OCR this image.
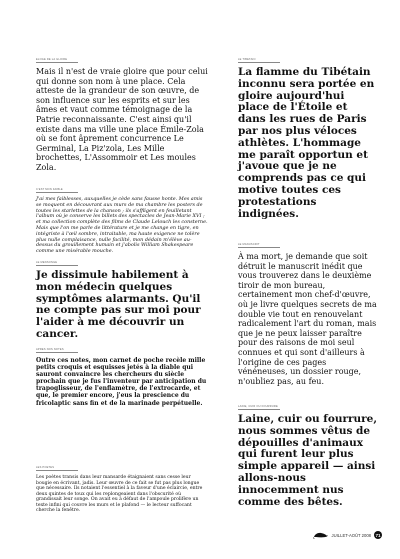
ÉLOGE DE LA GLOIRE

Mais il n'est de vraie gloire que pour celui qui donne son nom à une place. Cela atteste de la grandeur de son œuvre, de son influence sur les esprits et sur les âmes et vaut comme témoignage de la Patrie reconnaissante. C'est ainsi qu'il existe dans ma ville une place Émile-Zola où se font âprement concurrence Le Germinal, La Piz'zola, Les Mille brochettes, L'Assommoir et Les moules Zola.

C'EST MON FAIBLE

J'ai mes faiblesses, auxquelles je cède sans fausse honte. Mes amis se moquent en découvrant aux murs de ma chambre les posters de toutes les starlettes de la chanson ; ils s'affligent en feuilletant l'album où je conserve les billets des spectacles de Jean-Marie XVI ; et ma collection complète des films de Claude Lelouch les consterne. Mais que l'on me parle de littérature et je me change en tigre, en intégriste à l'œil sombre, intraitable, ma haute exigence ne tolère plus nulle complaisance, nulle facilité, mon dédain m'élève au-dessus du grouillement humain et j'abolis William Shakespeare comme une misérable mouche.

LE MENSONGE

Je dissimule habilement à mon médecin quelques symptômes alarmants. Qu'il ne compte pas sur moi pour l'aider à me découvrir un cancer.

APRÈS NOS NOTES

Outre ces notes, mon carnet de poche recèle mille petits croquis et esquisses jetés à la diable qui sauront convaincre les chercheurs du siècle prochain que je fus l'inventeur par anticipation du trapoglisseur, de l'enflamètre, de l'extrocarde, et que, le premier encore, j'eus la prescience du fricolaptic sans fin et de la marinade perpétuelle.

LES POÈTES

Les poètes transis dans leur mansarde étaignaient sans cesse leur bougie en écrivant, jadis. Leur œuvre de ce fait se fut pas plus longue que nécessaire. Ils notaient l'essentiel à la faveur d'une éclaircie, entre deux quintes de toux qui les replongeaient dans l'obscurité où grandissait leur songe. On avait eu à défaut de l'ampoule prolifère un texte infini qui couvre les murs et le plafond — le lecteur suffocant cherche la fenêtre.

LE TIBÉTAIN

La flamme du Tibétain inconnu sera portée en gloire aujourd'hui place de l'Étoile et dans les rues de Paris par nos plus véloces athlètes. L'hommage me paraît opportun et j'avoue que je ne comprends pas ce qui motive toutes ces protestations indignées.

LE MANUSCRIT

À ma mort, je demande que soit détruit le manuscrit inédit que vous trouverez dans le deuxième tiroir de mon bureau, certainement mon chef-d'œuvre, où je livre quelques secrets de ma double vie tout en renouvelant radicalement l'art du roman, mais que je ne peux laisser paraître pour des raisons de moi seul connues et qui sont d'ailleurs à l'origine de ces pages vénéneuses, un dossier rouge, n'oubliez pas, au feu.

LAINE, CUIR OU FOURRURE

Laine, cuir ou fourrure, nous sommes vêtus de dépouilles d'animaux qui furent leur plus simple appareil — ainsi allons-nous innocemment nus comme des bêtes.

JUILLET-AOÛT 2008 71
